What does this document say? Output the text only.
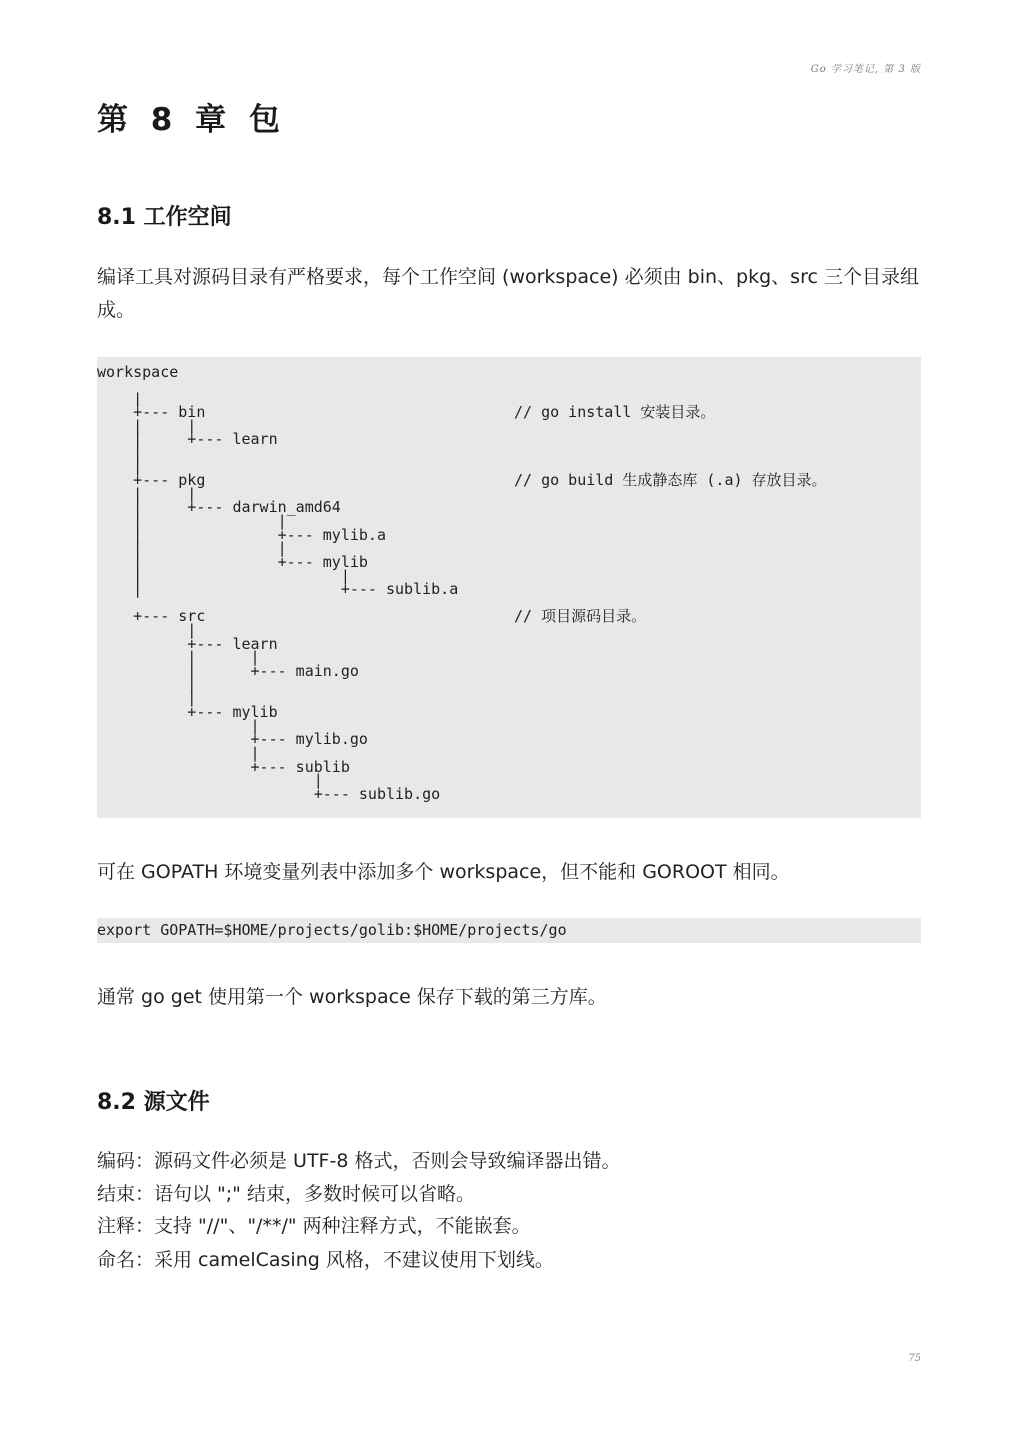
Go 学习笔记, 第 3 版
第 8 章 包
8.1 工作空间

编译工具对源码目录有严格要求，每个工作空间 (workspace) 必须由 bin、pkg、src 三个目录组成。

workspace

|

+--- bin

|     |

|     +--- learn

|

|

+--- pkg

|     |

|     +--- darwin_amd64

|               |

|               +--- mylib.a

|               |

|               +--- mylib

|                      |

|                      +--- sublib.a

+--- src

|

+--- learn

|      |

|      +--- main.go

|

|

+--- mylib

|

+--- mylib.go

|

+--- sublib

|

+--- sublib.go

// go install 安装目录。

// go build 生成静态库 (.a) 存放目录。

// 项目源码目录。

可在 GOPATH 环境变量列表中添加多个 workspace，但不能和 GOROOT 相同。

export GOPATH=$HOME/projects/golib:$HOME/projects/go

通常 go get 使用第一个 workspace 保存下载的第三方库。

8.2 源文件

编码：源码文件必须是 UTF-8 格式，否则会导致编译器出错。

结束：语句以 ";" 结束，多数时候可以省略。

注释：支持 "//"、"/**/" 两种注释方式，不能嵌套。

命名：采用 camelCasing 风格，不建议使用下划线。

75
